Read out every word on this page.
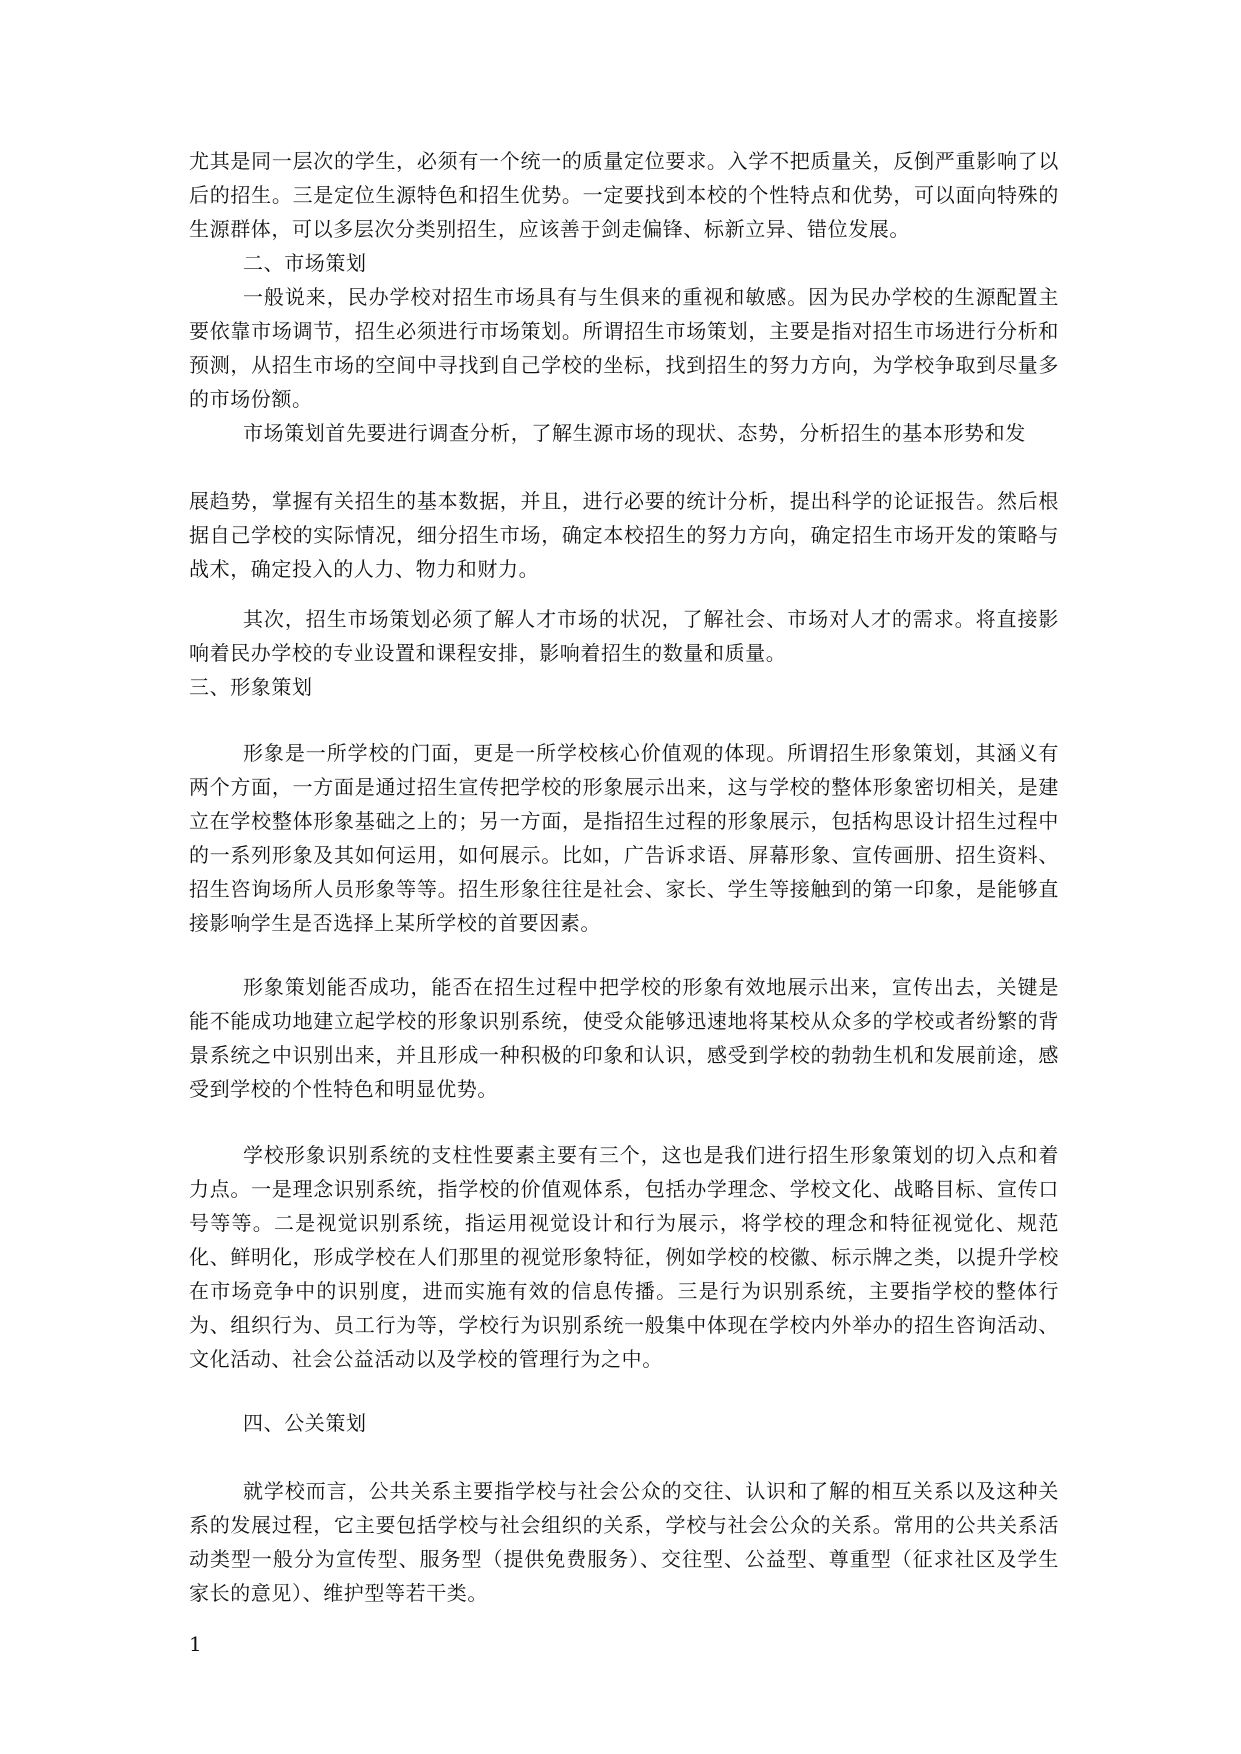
尤其是同一层次的学生，必须有一个统一的质量定位要求。入学不把质量关，反倒严重影响了以后的招生。三是定位生源特色和招生优势。一定要找到本校的个性特点和优势，可以面向特殊的生源群体，可以多层次分类别招生，应该善于剑走偏锋、标新立异、错位发展。

二、市场策划

一般说来，民办学校对招生市场具有与生俱来的重视和敏感。因为民办学校的生源配置主要依靠市场调节，招生必须进行市场策划。所谓招生市场策划，主要是指对招生市场进行分析和预测，从招生市场的空间中寻找到自己学校的坐标，找到招生的努力方向，为学校争取到尽量多的市场份额。

市场策划首先要进行调查分析，了解生源市场的现状、态势，分析招生的基本形势和发

展趋势，掌握有关招生的基本数据，并且，进行必要的统计分析，提出科学的论证报告。然后根据自己学校的实际情况，细分招生市场，确定本校招生的努力方向，确定招生市场开发的策略与战术，确定投入的人力、物力和财力。

其次，招生市场策划必须了解人才市场的状况，了解社会、市场对人才的需求。将直接影响着民办学校的专业设置和课程安排，影响着招生的数量和质量。

三、形象策划

形象是一所学校的门面，更是一所学校核心价值观的体现。所谓招生形象策划，其涵义有两个方面，一方面是通过招生宣传把学校的形象展示出来，这与学校的整体形象密切相关，是建立在学校整体形象基础之上的；另一方面，是指招生过程的形象展示，包括构思设计招生过程中的一系列形象及其如何运用，如何展示。比如，广告诉求语、屏幕形象、宣传画册、招生资料、招生咨询场所人员形象等等。招生形象往往是社会、家长、学生等接触到的第一印象，是能够直接影响学生是否选择上某所学校的首要因素。

形象策划能否成功，能否在招生过程中把学校的形象有效地展示出来，宣传出去，关键是能不能成功地建立起学校的形象识别系统，使受众能够迅速地将某校从众多的学校或者纷繁的背景系统之中识别出来，并且形成一种积极的印象和认识，感受到学校的勃勃生机和发展前途，感受到学校的个性特色和明显优势。

学校形象识别系统的支柱性要素主要有三个，这也是我们进行招生形象策划的切入点和着力点。一是理念识别系统，指学校的价值观体系，包括办学理念、学校文化、战略目标、宣传口号等等。二是视觉识别系统，指运用视觉设计和行为展示，将学校的理念和特征视觉化、规范化、鲜明化，形成学校在人们那里的视觉形象特征，例如学校的校徽、标示牌之类，以提升学校在市场竞争中的识别度，进而实施有效的信息传播。三是行为识别系统，主要指学校的整体行为、组织行为、员工行为等，学校行为识别系统一般集中体现在学校内外举办的招生咨询活动、文化活动、社会公益活动以及学校的管理行为之中。

四、公关策划

就学校而言，公共关系主要指学校与社会公众的交往、认识和了解的相互关系以及这种关系的发展过程，它主要包括学校与社会组织的关系，学校与社会公众的关系。常用的公共关系活动类型一般分为宣传型、服务型（提供免费服务）、交往型、公益型、尊重型（征求社区及学生家长的意见）、维护型等若干类。

1
